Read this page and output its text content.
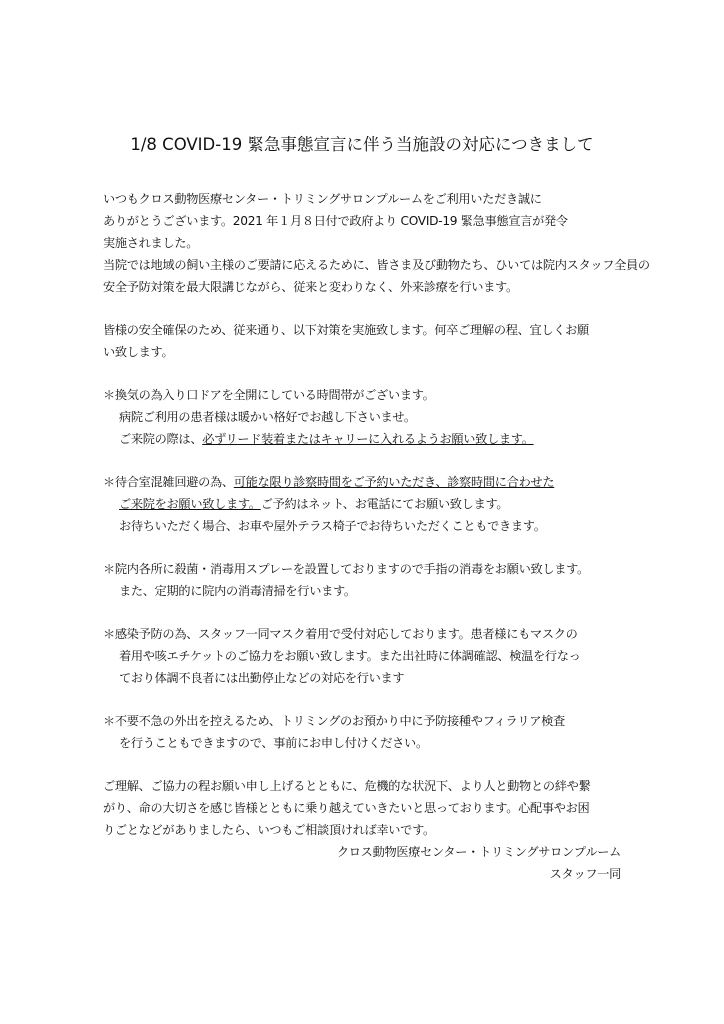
1/8 COVID-19 緊急事態宣言に伴う当施設の対応につきまして
いつもクロス動物医療センター・トリミングサロンプルームをご利用いただき誠に
ありがとうございます。2021 年１月８日付で政府より COVID-19 緊急事態宣言が発令
実施されました。
当院では地域の飼い主様のご要請に応えるために、皆さま及び動物たち、ひいては院内スタッフ全員の
安全予防対策を最大限講じながら、従来と変わりなく、外来診療を行います。
皆様の安全確保のため、従来通り、以下対策を実施致します。何卒ご理解の程、宜しくお願
い致します。
＊換気の為入り口ドアを全開にしている時間帯がございます。
病院ご利用の患者様は暖かい格好でお越し下さいませ。
ご来院の際は、必ずリード装着またはキャリーに入れるようお願い致します。
＊待合室混雑回避の為、可能な限り診察時間をご予約いただき、診察時間に合わせた
ご来院をお願い致します。ご予約はネット、お電話にてお願い致します。
お待ちいただく場合、お車や屋外テラス椅子でお待ちいただくこともできます。
＊院内各所に殺菌・消毒用スプレーを設置しておりますので手指の消毒をお願い致します。
また、定期的に院内の消毒清掃を行います。
＊感染予防の為、スタッフ一同マスク着用で受付対応しております。患者様にもマスクの
着用や咳エチケットのご協力をお願い致します。また出社時に体調確認、検温を行なっ
ており体調不良者には出勤停止などの対応を行います
＊不要不急の外出を控えるため、トリミングのお預かり中に予防接種やフィラリア検査
を行うこともできますので、事前にお申し付けください。
ご理解、ご協力の程お願い申し上げるとともに、危機的な状況下、より人と動物との絆や繋
がり、命の大切さを感じ皆様とともに乗り越えていきたいと思っております。心配事やお困
りごとなどがありましたら、いつもご相談頂ければ幸いです。
クロス動物医療センター・トリミングサロンプルーム
スタッフ一同
